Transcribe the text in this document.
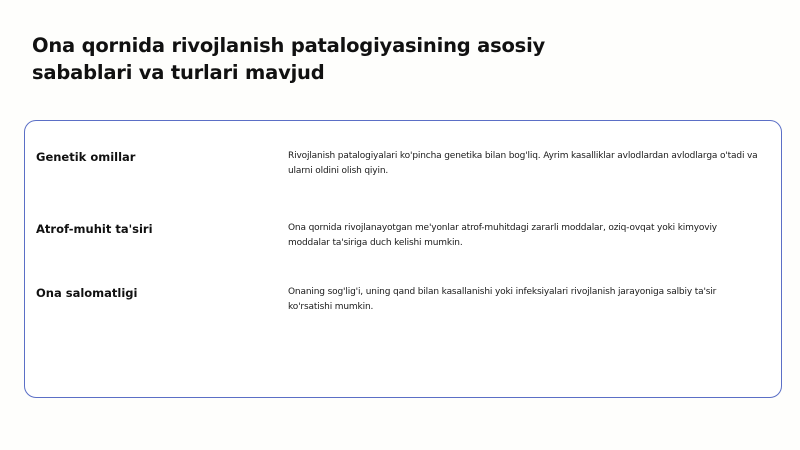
Ona qornida rivojlanish patalogiyasining asosiy sabablari va turlari mavjud
Genetik omillar	Rivojlanish patalogiyalari ko'pincha genetika bilan bog'liq. Ayrim kasalliklar avlodlardan avlodlarga o'tadi va ularni oldini olish qiyin.
Atrof-muhit ta'siri	Ona qornida rivojlanayotgan me'yonlar atrof-muhitdagi zararli moddalar, oziq-ovqat yoki kimyoviy moddalar ta'siriga duch kelishi mumkin.
Ona salomatligi	Onaning sog'lig'i, uning qand bilan kasallanishi yoki infeksiyalari rivojlanish jarayoniga salbiy ta'sir ko'rsatishi mumkin.
